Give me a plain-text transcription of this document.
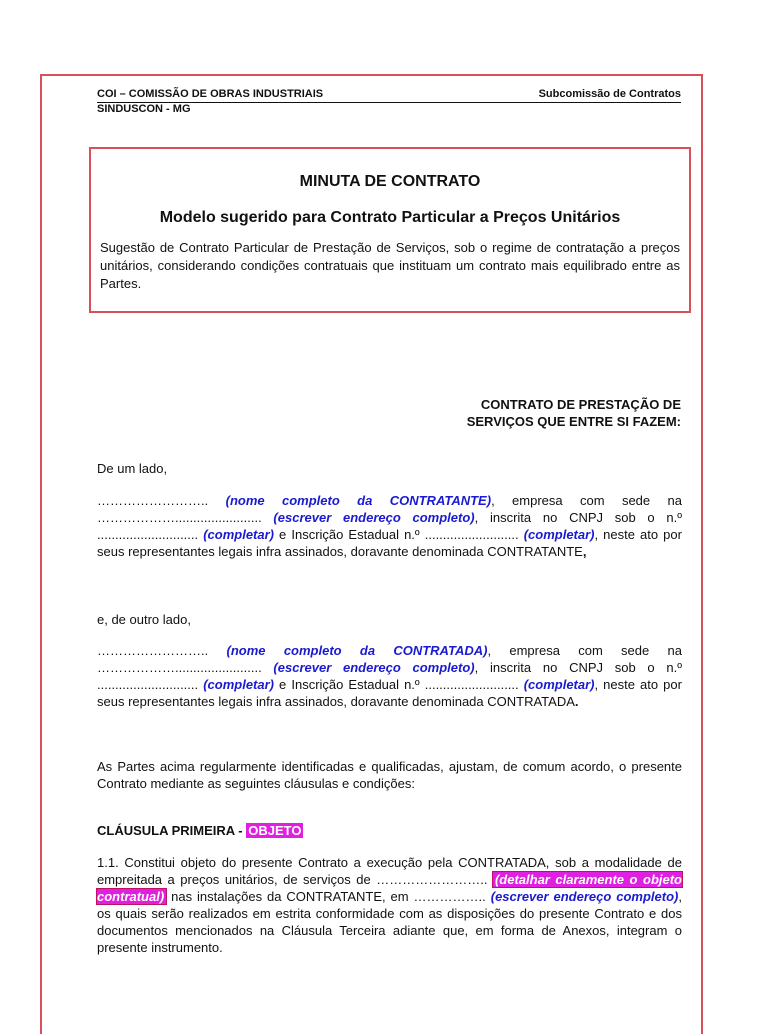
COI – COMISSÃO DE OBRAS INDUSTRIAIS	Subcomissão de Contratos
SINDUSCON - MG
MINUTA DE CONTRATO
Modelo sugerido para Contrato Particular a Preços Unitários
Sugestão de Contrato Particular de Prestação de Serviços, sob o regime de contratação a preços unitários, considerando condições contratuais que instituam um contrato mais equilibrado entre as Partes.
CONTRATO DE PRESTAÇÃO DE
SERVIÇOS QUE ENTRE SI FAZEM:
De um lado,
…………………….. (nome completo da CONTRATANTE), empresa com sede na ………………........................ (escrever endereço completo), inscrita no CNPJ sob o n.º ............................ (completar) e Inscrição Estadual n.º .......................... (completar), neste ato por seus representantes legais infra assinados, doravante denominada CONTRATANTE,
e, de outro lado,
…………………….. (nome completo da CONTRATADA), empresa com sede na ………………........................ (escrever endereço completo), inscrita no CNPJ sob o n.º ............................ (completar) e Inscrição Estadual n.º .......................... (completar), neste ato por seus representantes legais infra assinados, doravante denominada CONTRATADA.
As Partes acima regularmente identificadas e qualificadas, ajustam, de comum acordo, o presente Contrato mediante as seguintes cláusulas e condições:
CLÁUSULA PRIMEIRA - OBJETO
1.1. Constitui objeto do presente Contrato a execução pela CONTRATADA, sob a modalidade de empreitada a preços unitários, de serviços de …………………….. (detalhar claramente o objeto contratual) nas instalações da CONTRATANTE, em …………….. (escrever endereço completo), os quais serão realizados em estrita conformidade com as disposições do presente Contrato e dos documentos mencionados na Cláusula Terceira adiante que, em forma de Anexos, integram o presente instrumento.
